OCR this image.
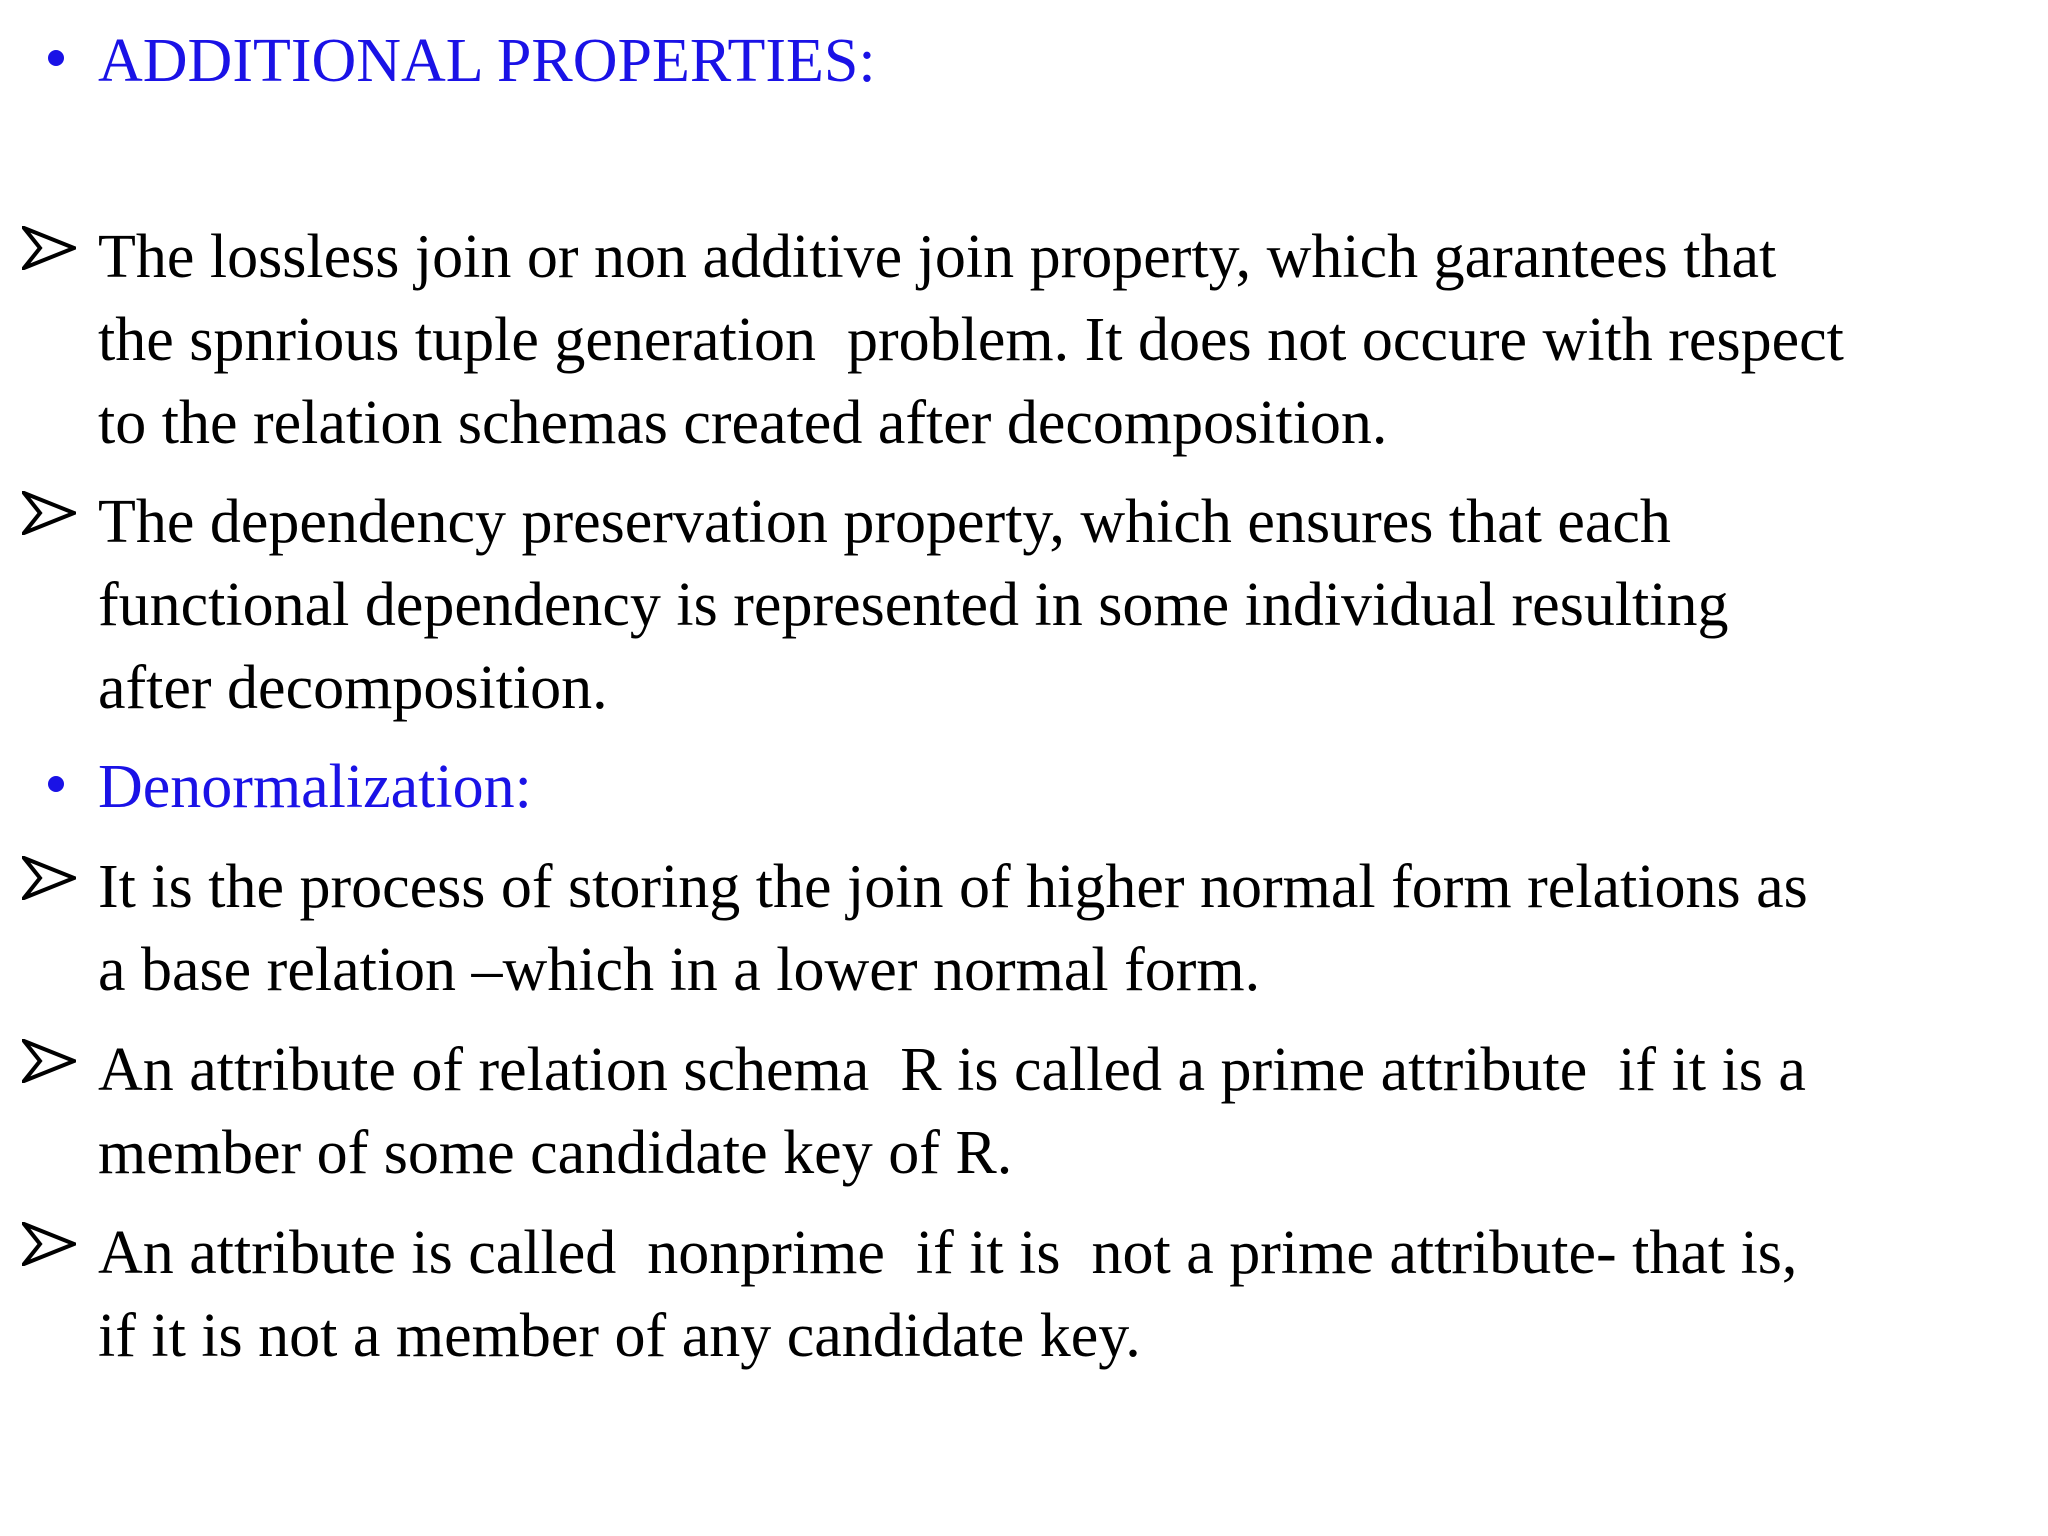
ADDITIONAL PROPERTIES:

The lossless join or non additive join property, which garantees that
the spnrious tuple generation  problem. It does not occure with respect
to the relation schemas created after decomposition.

The dependency preservation property, which ensures that each
functional dependency is represented in some individual resulting
after decomposition.

Denormalization:

It is the process of storing the join of higher normal form relations as
a base relation –which in a lower normal form.

An attribute of relation schema  R is called a prime attribute  if it is a
member of some candidate key of R.

An attribute is called  nonprime  if it is  not a prime attribute- that is,
if it is not a member of any candidate key.
